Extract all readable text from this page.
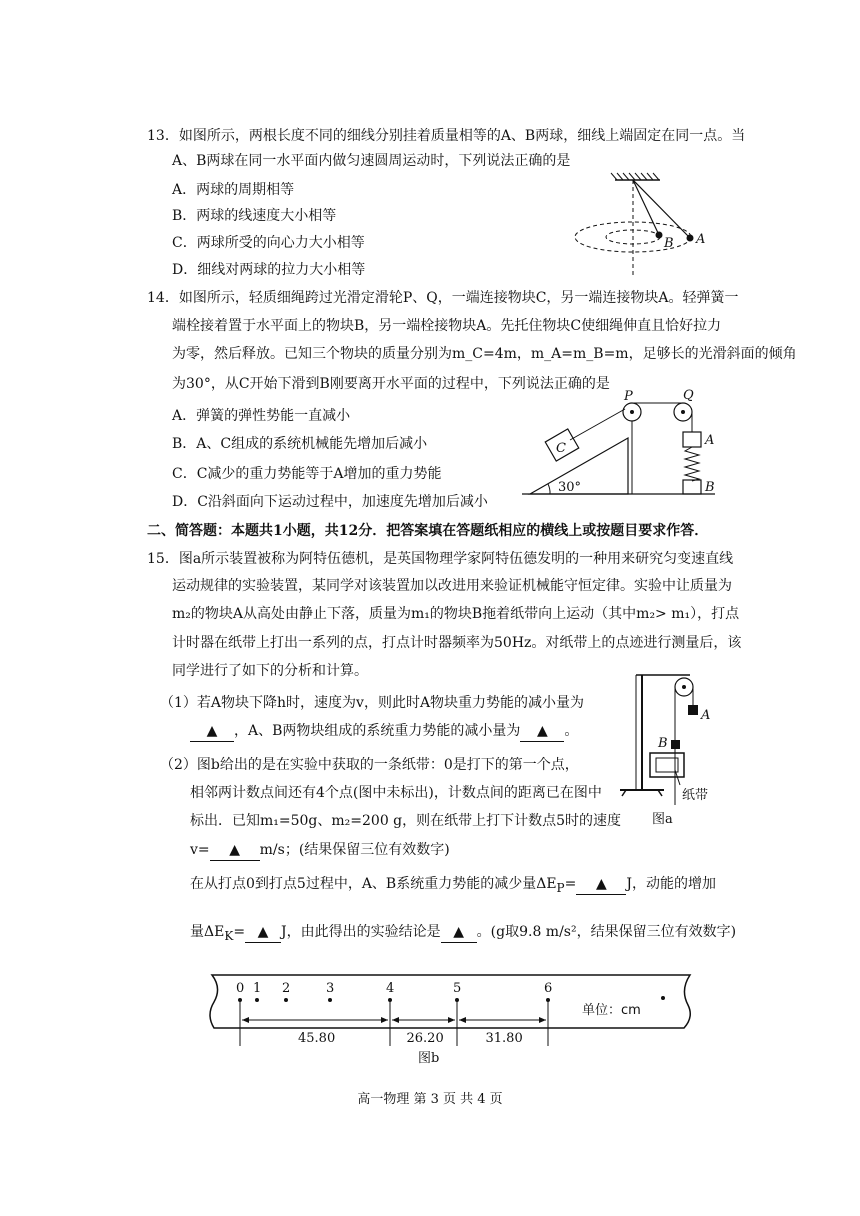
13．如图所示，两根长度不同的细线分别挂着质量相等的A、B两球，细线上端固定在同一点。当
A、B两球在同一水平面内做匀速圆周运动时，下列说法正确的是
A．两球的周期相等
B．两球的线速度大小相等
C．两球所受的向心力大小相等
D．细线对两球的拉力大小相等
B A
14．如图所示，轻质细绳跨过光滑定滑轮P、Q，一端连接物块C，另一端连接物块A。轻弹簧一
端栓接着置于水平面上的物块B，另一端栓接物块A。先托住物块C使细绳伸直且恰好拉力
为零，然后释放。已知三个物块的质量分别为m_C=4m，m_A=m_B=m，足够长的光滑斜面的倾角
为30°，从C开始下滑到B刚要离开水平面的过程中，下列说法正确的是
A．弹簧的弹性势能一直减小
B．A、C组成的系统机械能先增加后减小
C．C减少的重力势能等于A增加的重力势能
D．C沿斜面向下运动过程中，加速度先增加后减小
C
30°
P	Q
A
B
二、简答题：本题共1小题，共12分．把答案填在答题纸相应的横线上或按题目要求作答．
15．图a所示装置被称为阿特伍德机，是英国物理学家阿特伍德发明的一种用来研究匀变速直线
运动规律的实验装置，某同学对该装置加以改进用来验证机械能守恒定律。实验中让质量为
m₂的物块A从高处由静止下落，质量为m₁的物块B拖着纸带向上运动（其中m₂> m₁），打点
计时器在纸带上打出一系列的点，打点计时器频率为50Hz。对纸带上的点迹进行测量后，该
同学进行了如下的分析和计算。
（1）若A物块下降h时，速度为v，则此时A物块重力势能的减小量为
▲ ，A、B两物块组成的系统重力势能的减小量为 ▲ 。
（2）图b给出的是在实验中获取的一条纸带：0是打下的第一个点，
相邻两计数点间还有4个点(图中未标出)，计数点间的距离已在图中
标出．已知m₁=50g、m₂=200 g，则在纸带上打下计数点5时的速度
v= ▲ m/s；(结果保留三位有效数字)
在从打点0到打点5过程中，A、B系统重力势能的减少量$\Delta E_P=$ ▲ J，动能的增加
量$\Delta E_K=$ ▲ J，由此得出的实验结论是 ▲ 。(g取9.8 m/s²，结果保留三位有效数字)
A
B
纸带
图a
0 1 2	3	4	5	6
45.80	26.20	31.80
单位：cm
图b
高一物理 第 3 页 共 4 页
